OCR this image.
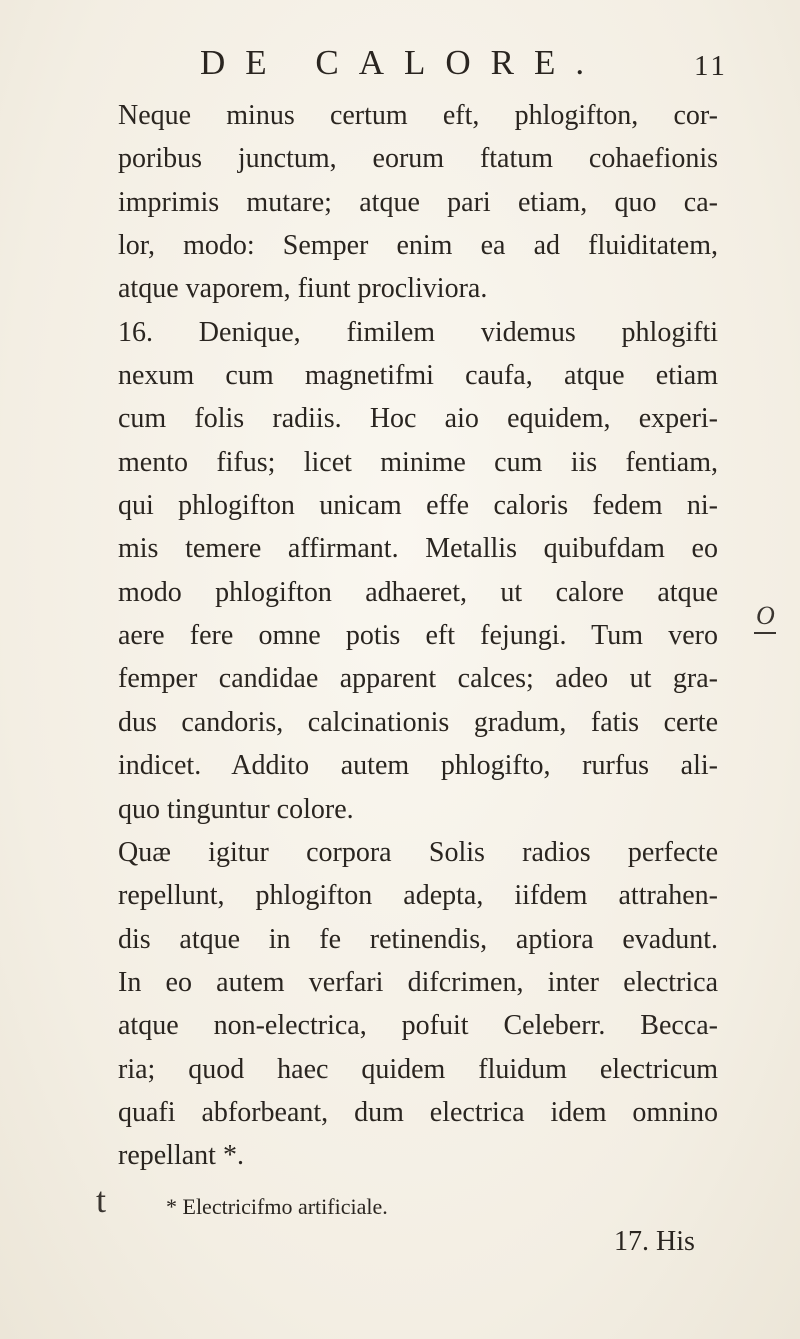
DE CALORE.	11
Neque minus certum eft, phlogifton, cor-
poribus junctum, eorum ftatum cohaefionis
imprimis mutare; atque pari etiam, quo ca-
lor, modo: Semper enim ea ad fluiditatem,
atque vaporem, fiunt procliviora.
16. Denique, fimilem videmus phlogifti
nexum cum magnetifmi caufa, atque etiam
cum folis radiis. Hoc aio equidem, experi-
mento fifus; licet minime cum iis fentiam,
qui phlogifton unicam effe caloris fedem ni-
mis temere affirmant. Metallis quibufdam eo
modo phlogifton adhaeret, ut calore atque
aere fere omne potis eft fejungi. Tum vero
femper candidae apparent calces; adeo ut gra-
dus candoris, calcinationis gradum, fatis certe
indicet. Addito autem phlogifto, rurfus ali-
quo tinguntur colore.
Quæ igitur corpora Solis radios perfecte
repellunt, phlogifton adepta, iifdem attrahen-
dis atque in fe retinendis, aptiora evadunt.
In eo autem verfari difcrimen, inter electrica
atque non-electrica, pofuit Celeberr. Becca-
ria; quod haec quidem fluidum electricum
quafi abforbeant, dum electrica idem omnino
repellant *.
* Electricifmo artificiale.
17. His
O
t
